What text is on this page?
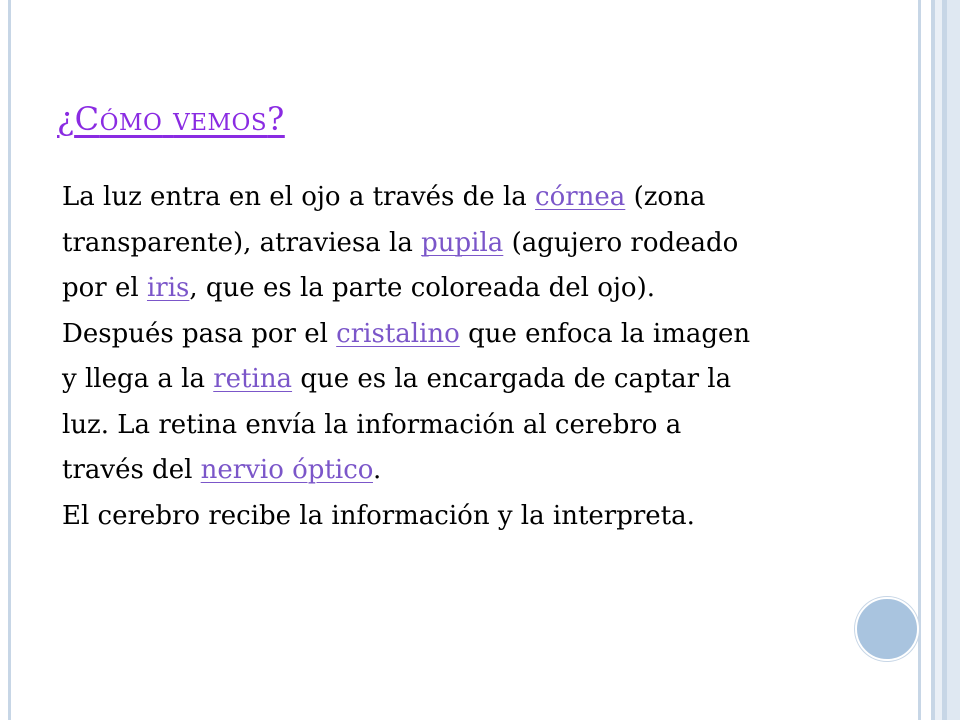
¿CÓMO VEMOS?
La luz entra en el ojo a través de la córnea (zona
transparente), atraviesa la pupila (agujero rodeado
por el iris, que es la parte coloreada del ojo).
Después pasa por el cristalino que enfoca la imagen
y llega a la retina que es la encargada de captar la
luz. La retina envía la información al cerebro a
través del nervio óptico.
El cerebro recibe la información y la interpreta.
